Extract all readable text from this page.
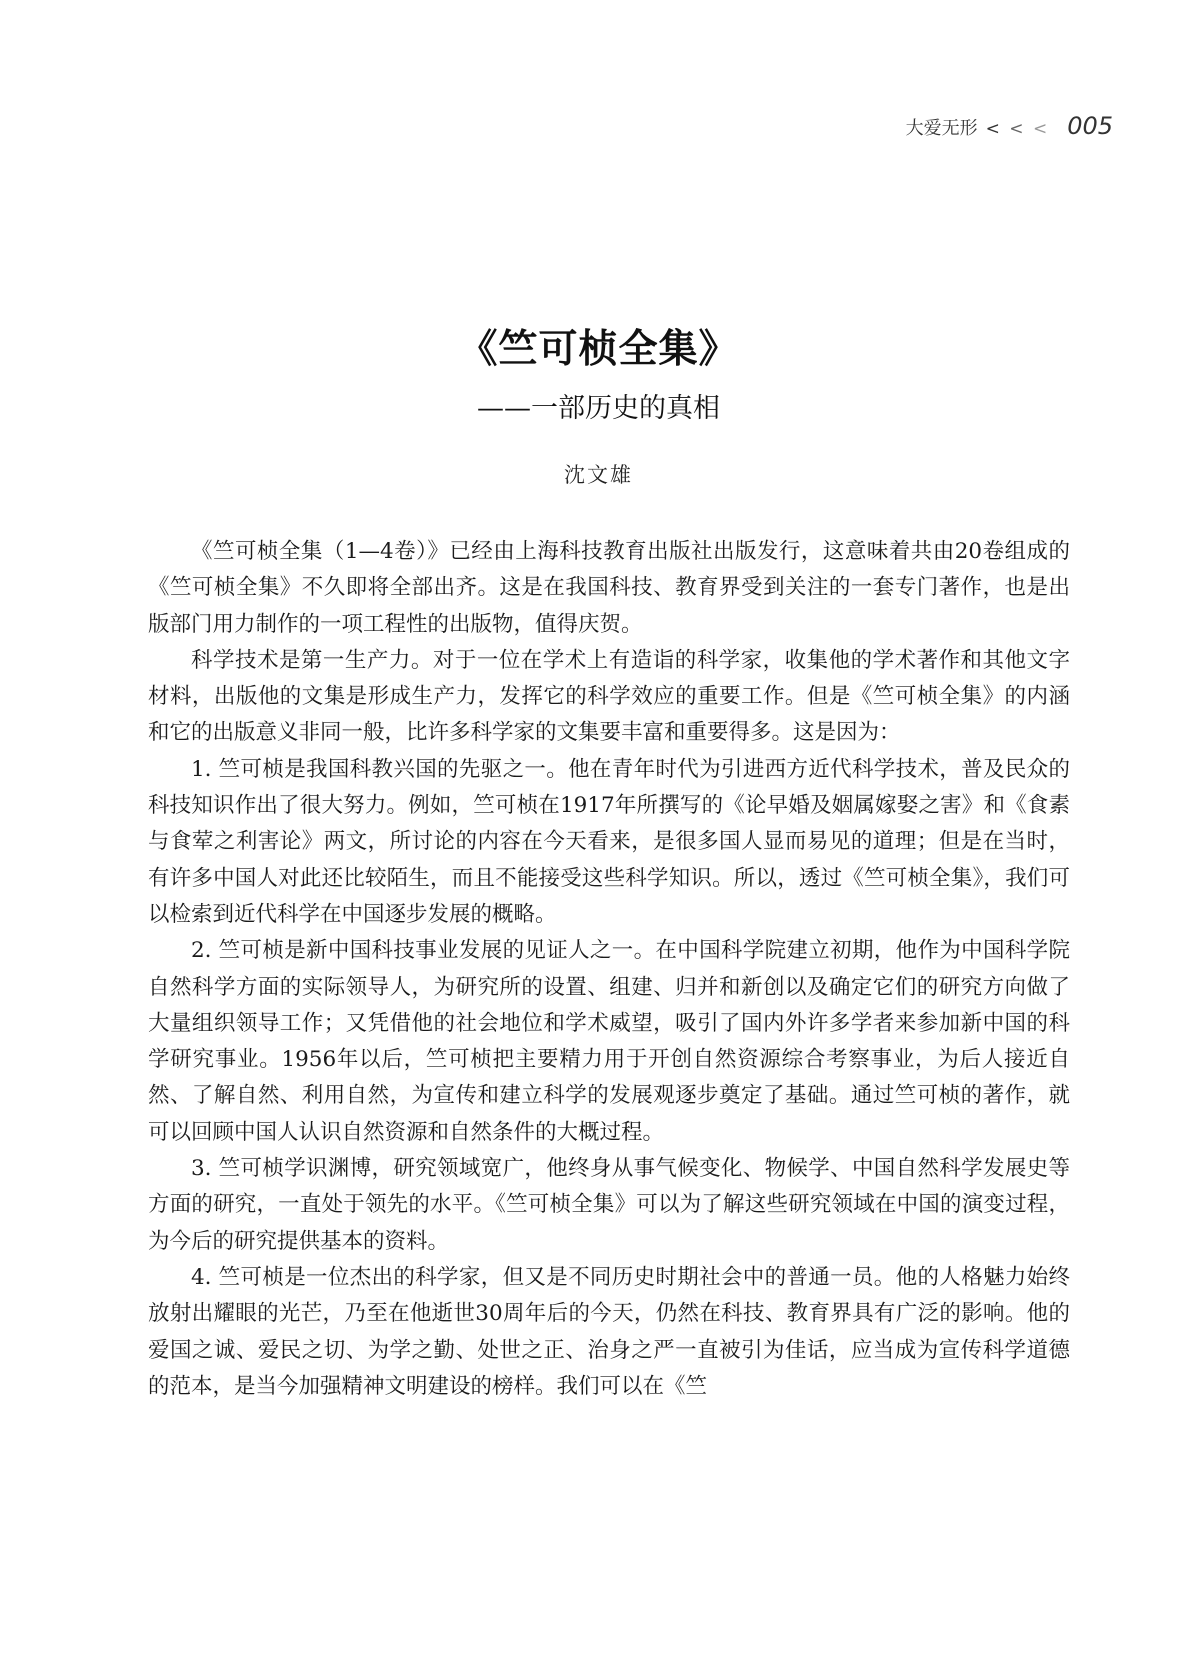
大爱无形 < < < 005
《竺可桢全集》

——一部历史的真相

沈文雄

《竺可桢全集（1—4卷）》已经由上海科技教育出版社出版发行，这意味着共由20卷组成的《竺可桢全集》不久即将全部出齐。这是在我国科技、教育界受到关注的一套专门著作，也是出版部门用力制作的一项工程性的出版物，值得庆贺。

科学技术是第一生产力。对于一位在学术上有造诣的科学家，收集他的学术著作和其他文字材料，出版他的文集是形成生产力，发挥它的科学效应的重要工作。但是《竺可桢全集》的内涵和它的出版意义非同一般，比许多科学家的文集要丰富和重要得多。这是因为：

1. 竺可桢是我国科教兴国的先驱之一。他在青年时代为引进西方近代科学技术，普及民众的科技知识作出了很大努力。例如，竺可桢在1917年所撰写的《论早婚及姻属嫁娶之害》和《食素与食荤之利害论》两文，所讨论的内容在今天看来，是很多国人显而易见的道理；但是在当时，有许多中国人对此还比较陌生，而且不能接受这些科学知识。所以，透过《竺可桢全集》，我们可以检索到近代科学在中国逐步发展的概略。

2. 竺可桢是新中国科技事业发展的见证人之一。在中国科学院建立初期，他作为中国科学院自然科学方面的实际领导人，为研究所的设置、组建、归并和新创以及确定它们的研究方向做了大量组织领导工作；又凭借他的社会地位和学术威望，吸引了国内外许多学者来参加新中国的科学研究事业。1956年以后，竺可桢把主要精力用于开创自然资源综合考察事业，为后人接近自然、了解自然、利用自然，为宣传和建立科学的发展观逐步奠定了基础。通过竺可桢的著作，就可以回顾中国人认识自然资源和自然条件的大概过程。

3. 竺可桢学识渊博，研究领域宽广，他终身从事气候变化、物候学、中国自然科学发展史等方面的研究，一直处于领先的水平。《竺可桢全集》可以为了解这些研究领域在中国的演变过程，为今后的研究提供基本的资料。

4. 竺可桢是一位杰出的科学家，但又是不同历史时期社会中的普通一员。他的人格魅力始终放射出耀眼的光芒，乃至在他逝世30周年后的今天，仍然在科技、教育界具有广泛的影响。他的爱国之诚、爱民之切、为学之勤、处世之正、治身之严一直被引为佳话，应当成为宣传科学道德的范本，是当今加强精神文明建设的榜样。我们可以在《竺
